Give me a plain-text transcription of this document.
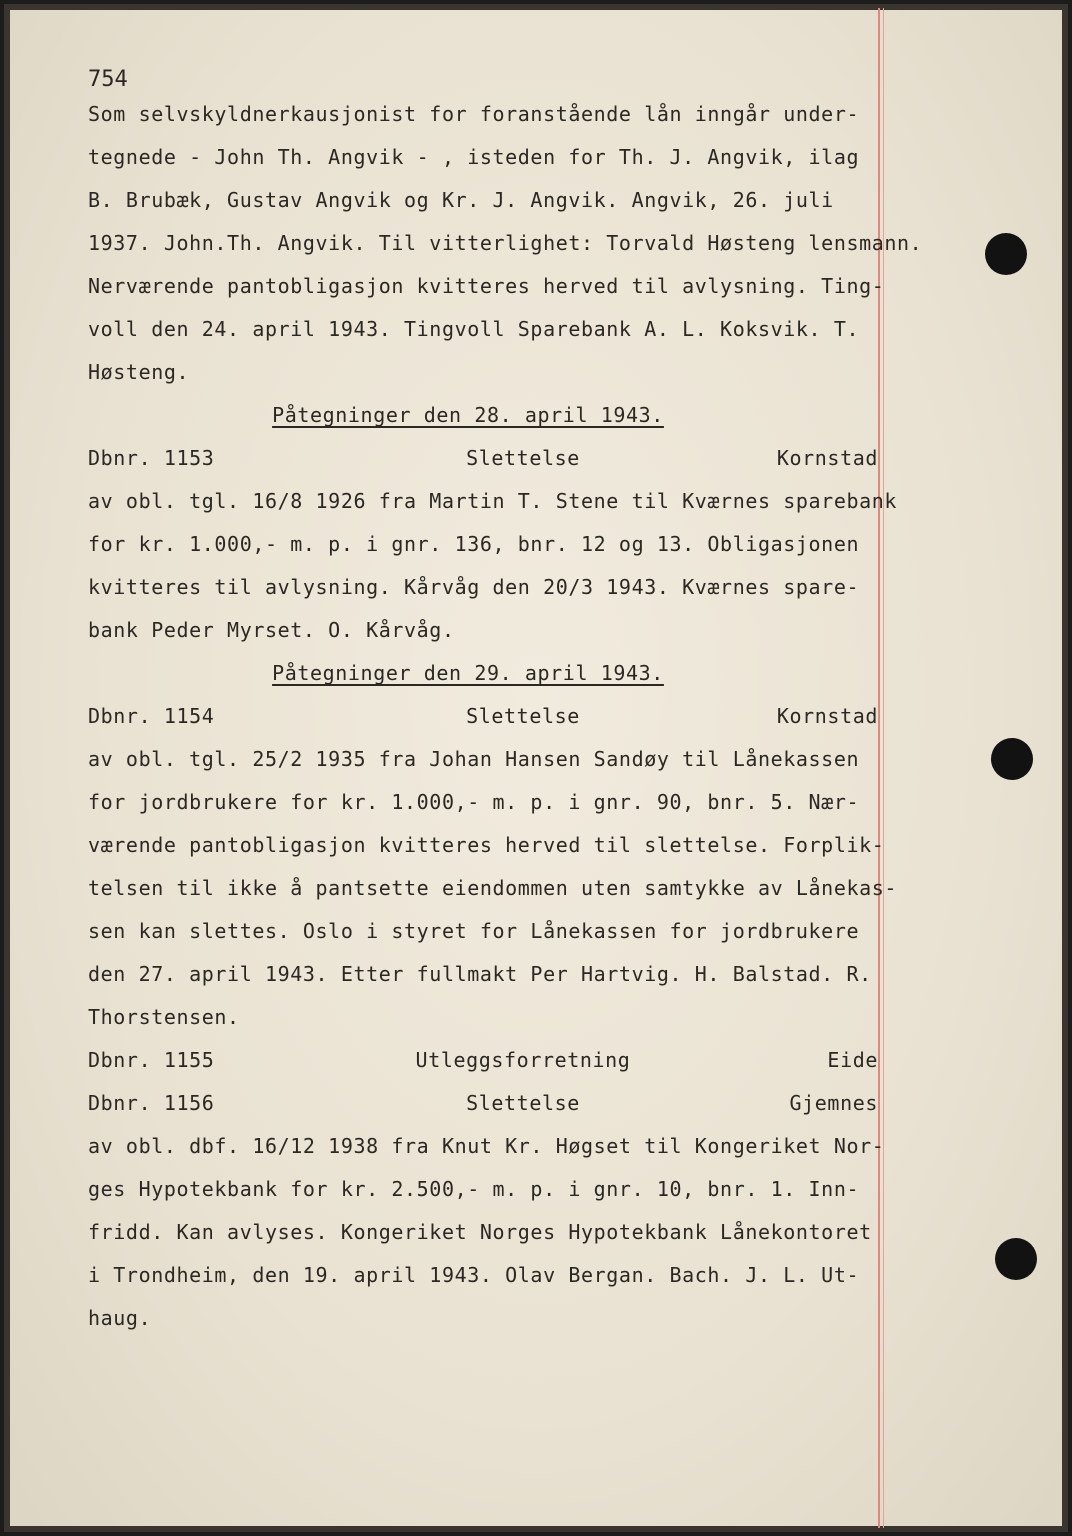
754
Som selvskyldnerkausjonist for foranstående lån inngår under-
tegnede - John Th. Angvik - , isteden for Th. J. Angvik, ilag
B. Brubæk, Gustav Angvik og Kr. J. Angvik. Angvik, 26. juli
1937. John.Th. Angvik. Til vitterlighet: Torvald Høsteng lensmann.
Nerværende pantobligasjon kvitteres herved til avlysning. Ting-
voll den 24. april 1943. Tingvoll Sparebank A. L. Koksvik. T.
Høsteng.
Påtegninger den 28. april 1943.
Dbnr. 1153	Slettelse	Kornstad
av obl. tgl. 16/8 1926 fra Martin T. Stene til Kværnes sparebank
for kr. 1.000,- m. p. i gnr. 136, bnr. 12 og 13. Obligasjonen
kvitteres til avlysning. Kårvåg den 20/3 1943. Kværnes spare-
bank Peder Myrset. O. Kårvåg.
Påtegninger den 29. april 1943.
Dbnr. 1154	Slettelse	Kornstad
av obl. tgl. 25/2 1935 fra Johan Hansen Sandøy til Lånekassen
for jordbrukere for kr. 1.000,- m. p. i gnr. 90, bnr. 5. Nær-
værende pantobligasjon kvitteres herved til slettelse. Forplik-
telsen til ikke å pantsette eiendommen uten samtykke av Lånekas-
sen kan slettes. Oslo i styret for Lånekassen for jordbrukere
den 27. april 1943. Etter fullmakt Per Hartvig. H. Balstad. R.
Thorstensen.
Dbnr. 1155	Utleggsforretning	Eide
Dbnr. 1156	Slettelse	Gjemnes
av obl. dbf. 16/12 1938 fra Knut Kr. Høgset til Kongeriket Nor-
ges Hypotekbank for kr. 2.500,- m. p. i gnr. 10, bnr. 1. Inn-
fridd. Kan avlyses. Kongeriket Norges Hypotekbank Lånekontoret
i Trondheim, den 19. april 1943. Olav Bergan. Bach. J. L. Ut-
haug.
